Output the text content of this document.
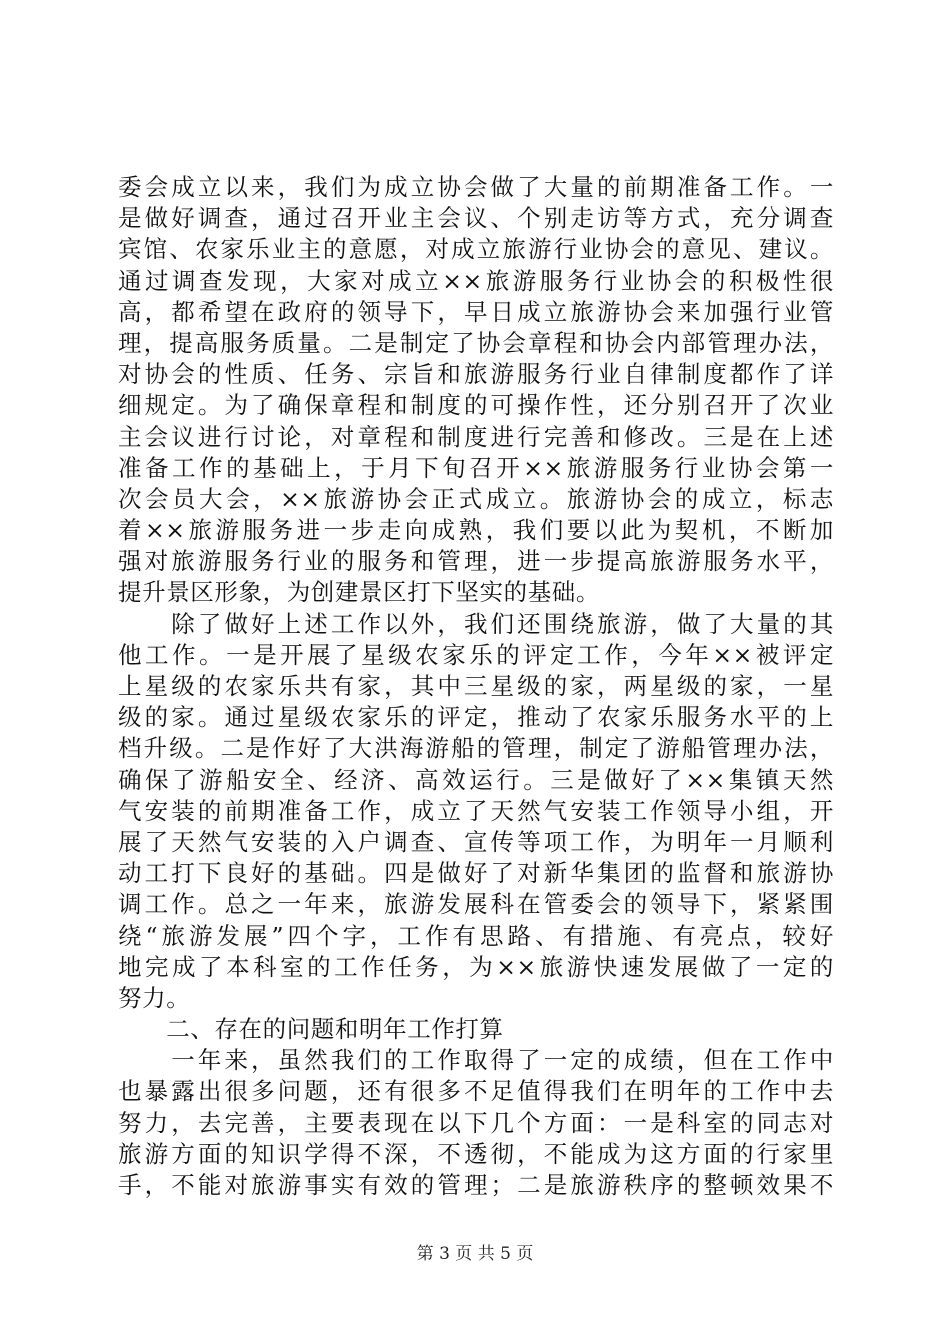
委会成立以来，我们为成立协会做了大量的前期准备工作。一
是做好调查，通过召开业主会议、个别走访等方式，充分调查
宾馆、农家乐业主的意愿，对成立旅游行业协会的意见、建议。
通过调查发现，大家对成立××旅游服务行业协会的积极性很
高，都希望在政府的领导下，早日成立旅游协会来加强行业管
理，提高服务质量。二是制定了协会章程和协会内部管理办法，
对协会的性质、任务、宗旨和旅游服务行业自律制度都作了详
细规定。为了确保章程和制度的可操作性，还分别召开了次业
主会议进行讨论，对章程和制度进行完善和修改。三是在上述
准备工作的基础上，于月下旬召开××旅游服务行业协会第一
次会员大会，××旅游协会正式成立。旅游协会的成立，标志
着××旅游服务进一步走向成熟，我们要以此为契机，不断加
强对旅游服务行业的服务和管理，进一步提高旅游服务水平，
提升景区形象，为创建景区打下坚实的基础。
　　除了做好上述工作以外，我们还围绕旅游，做了大量的其
他工作。一是开展了星级农家乐的评定工作，今年××被评定
上星级的农家乐共有家，其中三星级的家，两星级的家，一星
级的家。通过星级农家乐的评定，推动了农家乐服务水平的上
档升级。二是作好了大洪海游船的管理，制定了游船管理办法，
确保了游船安全、经济、高效运行。三是做好了××集镇天然
气安装的前期准备工作，成立了天然气安装工作领导小组，开
展了天然气安装的入户调查、宣传等项工作，为明年一月顺利
动工打下良好的基础。四是做好了对新华集团的监督和旅游协
调工作。总之一年来，旅游发展科在管委会的领导下，紧紧围
绕“旅游发展”四个字，工作有思路、有措施、有亮点，较好
地完成了本科室的工作任务，为××旅游快速发展做了一定的
努力。
　　二、存在的问题和明年工作打算
　　一年来，虽然我们的工作取得了一定的成绩，但在工作中
也暴露出很多问题，还有很多不足值得我们在明年的工作中去
努力，去完善，主要表现在以下几个方面：一是科室的同志对
旅游方面的知识学得不深，不透彻，不能成为这方面的行家里
手，不能对旅游事实有效的管理；二是旅游秩序的整顿效果不
第 3 页 共 5 页
